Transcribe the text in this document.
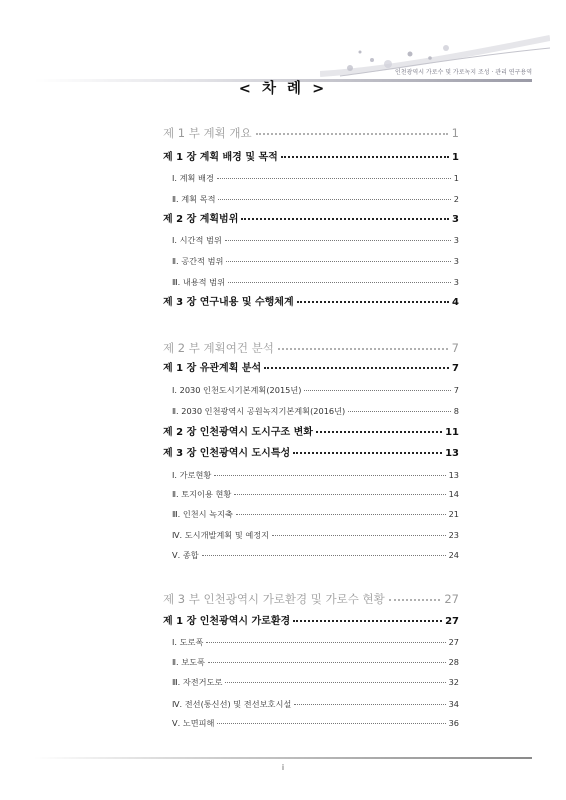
인천광역시 가로수 및 가로녹지 조성 · 관리 연구용역
< 차 례 >
제 1 부 계획 개요	1
제 1 장 계획 배경 및 목적	1
Ⅰ. 계획 배경	1
Ⅱ. 계획 목적	2
제 2 장 계획범위	3
Ⅰ. 시간적 범위	3
Ⅱ. 공간적 범위	3
Ⅲ. 내용적 범위	3
제 3 장 연구내용 및 수행체계	4
제 2 부 계획여건 분석	7
제 1 장 유관계획 분석	7
Ⅰ. 2030 인천도시기본계획(2015년)	7
Ⅱ. 2030 인천광역시 공원녹지기본계획(2016년)	8
제 2 장 인천광역시 도시구조 변화	11
제 3 장 인천광역시 도시특성	13
Ⅰ. 가로현황	13
Ⅱ. 토지이용 현황	14
Ⅲ. 인천시 녹지축	21
Ⅳ. 도시개발계획 및 예정지	23
Ⅴ. 종합	24
제 3 부 인천광역시 가로환경 및 가로수 현황	27
제 1 장 인천광역시 가로환경	27
Ⅰ. 도로폭	27
Ⅱ. 보도폭	28
Ⅲ. 자전거도로	32
Ⅳ. 전선(통신선) 및 전선보호시설	34
Ⅴ. 노면피해	36
i
